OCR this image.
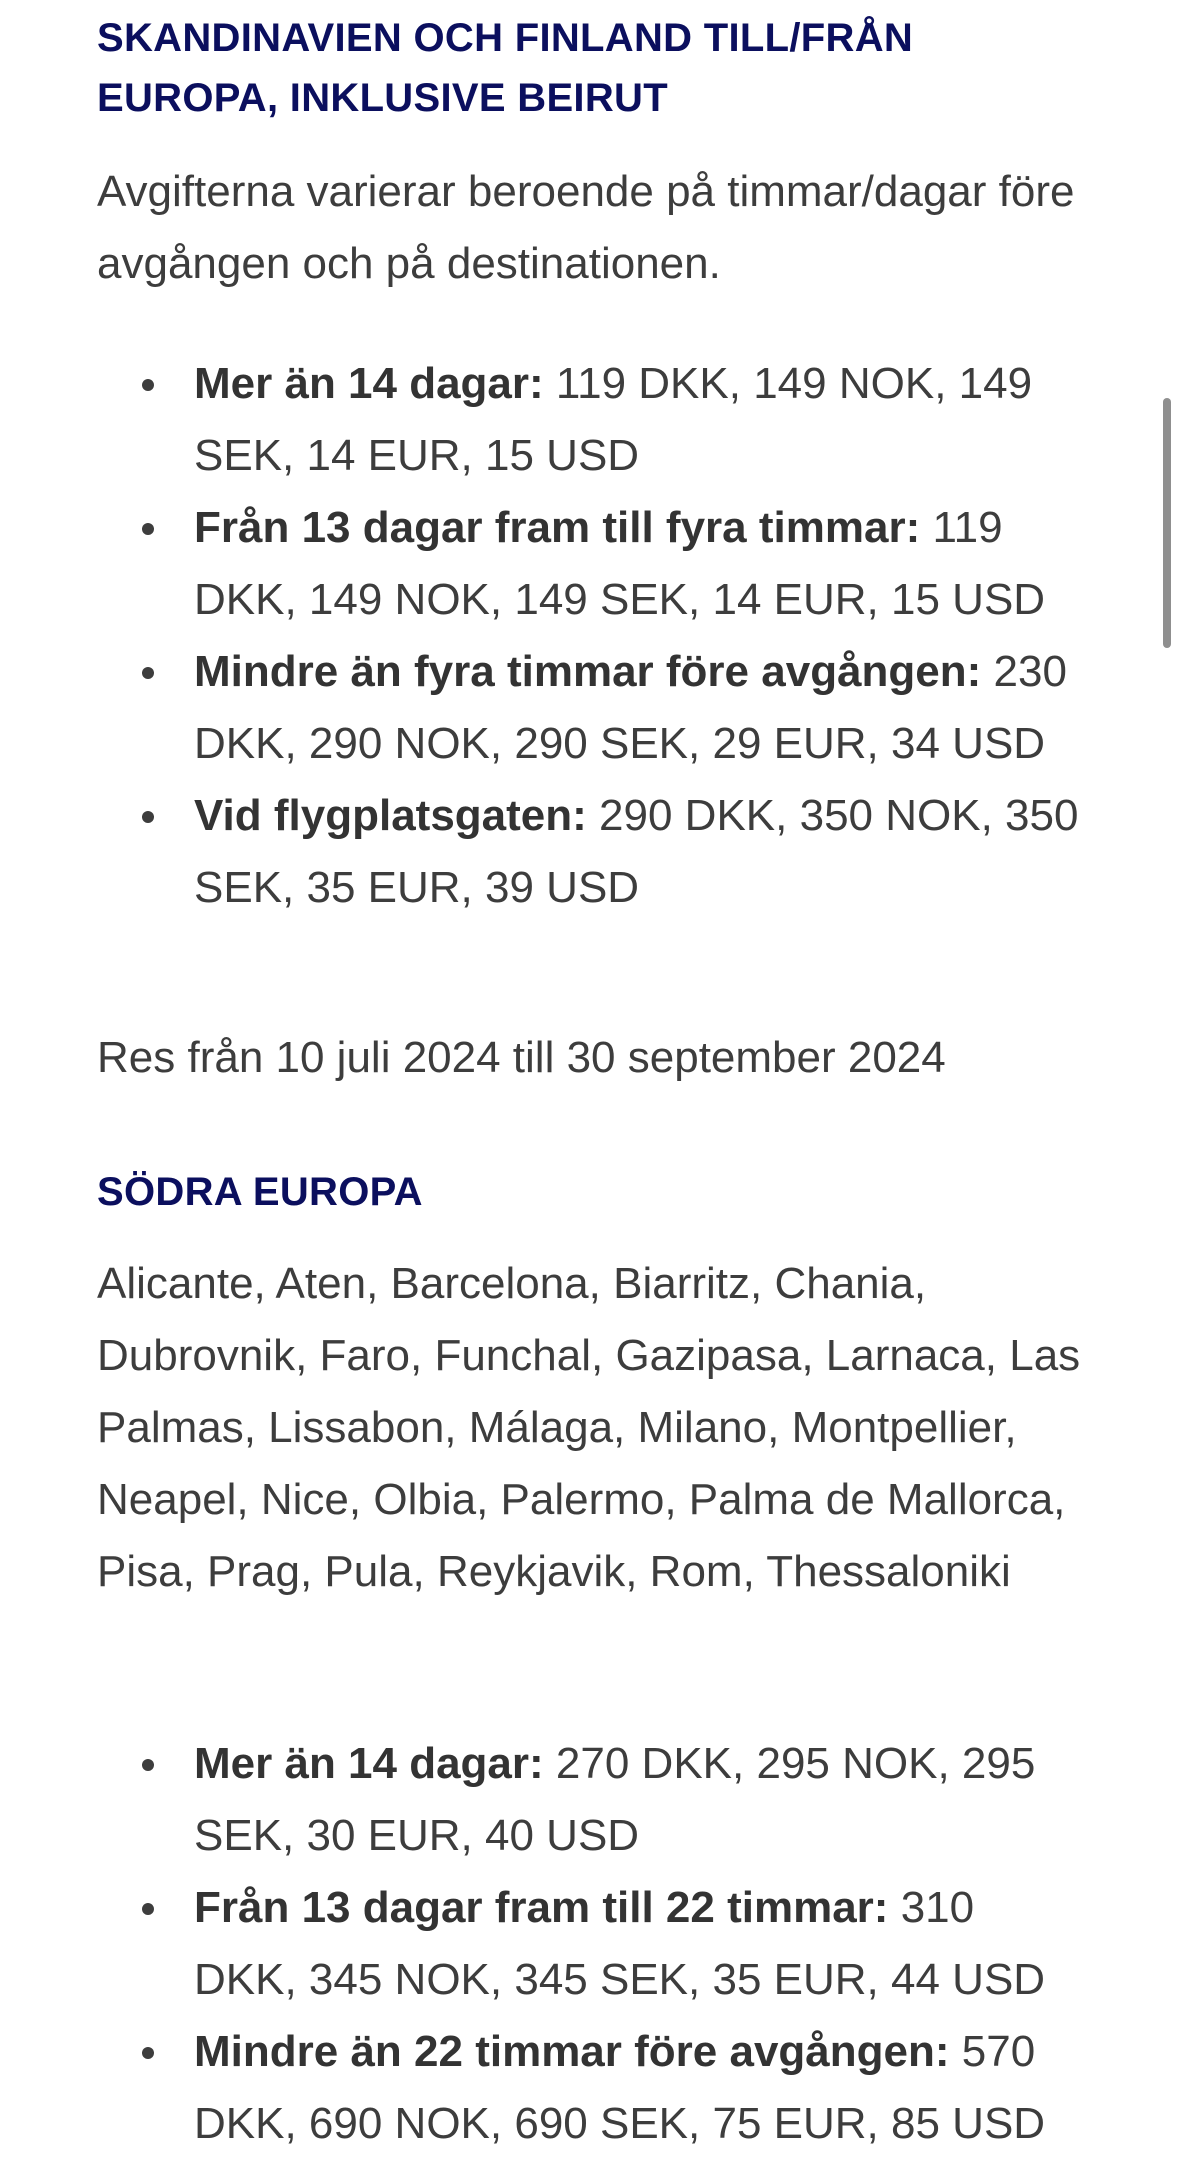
SKANDINAVIEN OCH FINLAND TILL/FRÅN
EUROPA, INKLUSIVE BEIRUT

Avgifterna varierar beroende på timmar/dagar före avgången och på destinationen.

Mer än 14 dagar: 119 DKK, 149 NOK, 149 SEK, 14 EUR, 15 USD
Från 13 dagar fram till fyra timmar: 119 DKK, 149 NOK, 149 SEK, 14 EUR, 15 USD
Mindre än fyra timmar före avgången: 230 DKK, 290 NOK, 290 SEK, 29 EUR, 34 USD
Vid flygplatsgaten: 290 DKK, 350 NOK, 350 SEK, 35 EUR, 39 USD

Res från 10 juli 2024 till 30 september 2024

SÖDRA EUROPA

Alicante, Aten, Barcelona, Biarritz, Chania, Dubrovnik, Faro, Funchal, Gazipasa, Larnaca, Las Palmas, Lissabon, Málaga, Milano, Montpellier, Neapel, Nice, Olbia, Palermo, Palma de Mallorca, Pisa, Prag, Pula, Reykjavik, Rom, Thessaloniki

Mer än 14 dagar: 270 DKK, 295 NOK, 295 SEK, 30 EUR, 40 USD
Från 13 dagar fram till 22 timmar: 310 DKK, 345 NOK, 345 SEK, 35 EUR, 44 USD
Mindre än 22 timmar före avgången: 570 DKK, 690 NOK, 690 SEK, 75 EUR, 85 USD
